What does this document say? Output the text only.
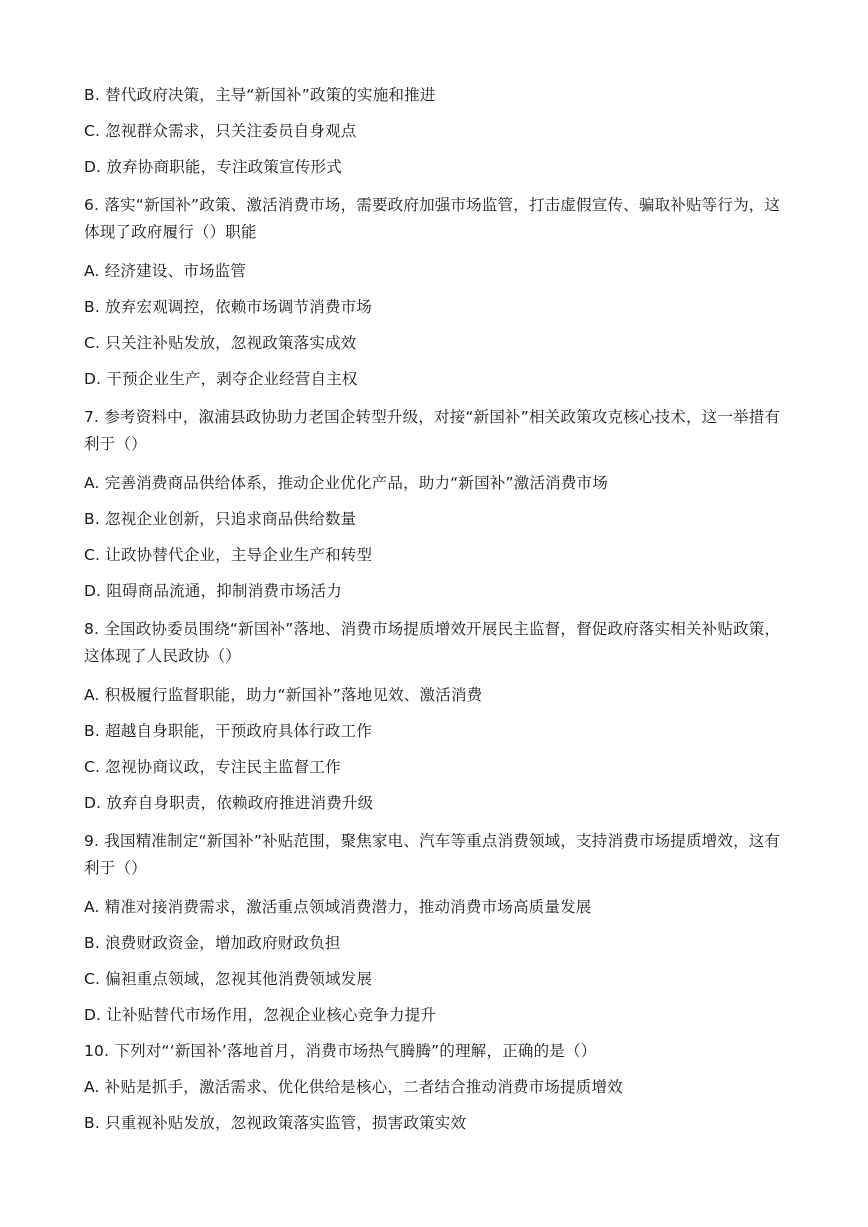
B. 替代政府决策，主导“新国补”政策的实施和推进

C. 忽视群众需求，只关注委员自身观点

D. 放弃协商职能，专注政策宣传形式

6. 落实“新国补”政策、激活消费市场，需要政府加强市场监管，打击虚假宣传、骗取补贴等行为，这体现了政府履行（）职能

A. 经济建设、市场监管

B. 放弃宏观调控，依赖市场调节消费市场

C. 只关注补贴发放，忽视政策落实成效

D. 干预企业生产，剥夺企业经营自主权

7. 参考资料中，溆浦县政协助力老国企转型升级，对接“新国补”相关政策攻克核心技术，这一举措有利于（）

A. 完善消费商品供给体系，推动企业优化产品，助力“新国补”激活消费市场

B. 忽视企业创新，只追求商品供给数量

C. 让政协替代企业，主导企业生产和转型

D. 阻碍商品流通，抑制消费市场活力

8. 全国政协委员围绕“新国补”落地、消费市场提质增效开展民主监督，督促政府落实相关补贴政策，这体现了人民政协（）

A. 积极履行监督职能，助力“新国补”落地见效、激活消费

B. 超越自身职能，干预政府具体行政工作

C. 忽视协商议政，专注民主监督工作

D. 放弃自身职责，依赖政府推进消费升级

9. 我国精准制定“新国补”补贴范围，聚焦家电、汽车等重点消费领域，支持消费市场提质增效，这有利于（）

A. 精准对接消费需求，激活重点领域消费潜力，推动消费市场高质量发展

B. 浪费财政资金，增加政府财政负担

C. 偏袒重点领域，忽视其他消费领域发展

D. 让补贴替代市场作用，忽视企业核心竞争力提升

10. 下列对“‘新国补’落地首月，消费市场热气腾腾”的理解，正确的是（）

A. 补贴是抓手，激活需求、优化供给是核心，二者结合推动消费市场提质增效

B. 只重视补贴发放，忽视政策落实监管，损害政策实效
